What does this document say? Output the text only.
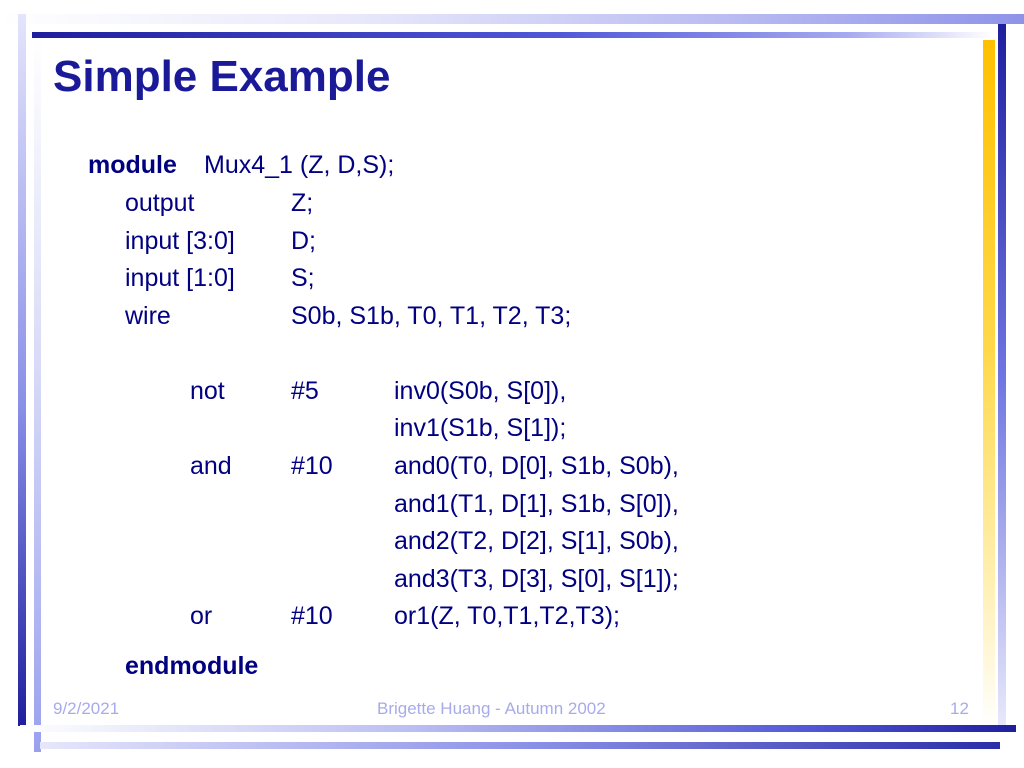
Simple Example
module Mux4_1 (Z, D,S);
output	Z;
input [3:0] D;
input [1:0] S;
wire	S0b, S1b, T0, T1, T2, T3;
not	#5	inv0(S0b, S[0]),
inv1(S1b, S[1]);
and #10 and0(T0, D[0], S1b, S0b),
and1(T1, D[1], S1b, S[0]),
and2(T2, D[2], S[1], S0b),
and3(T3, D[3], S[0], S[1]);
or	#10 or1(Z, T0,T1,T2,T3);
endmodule
9/2/2021	Brigette Huang - Autumn 2002	12
